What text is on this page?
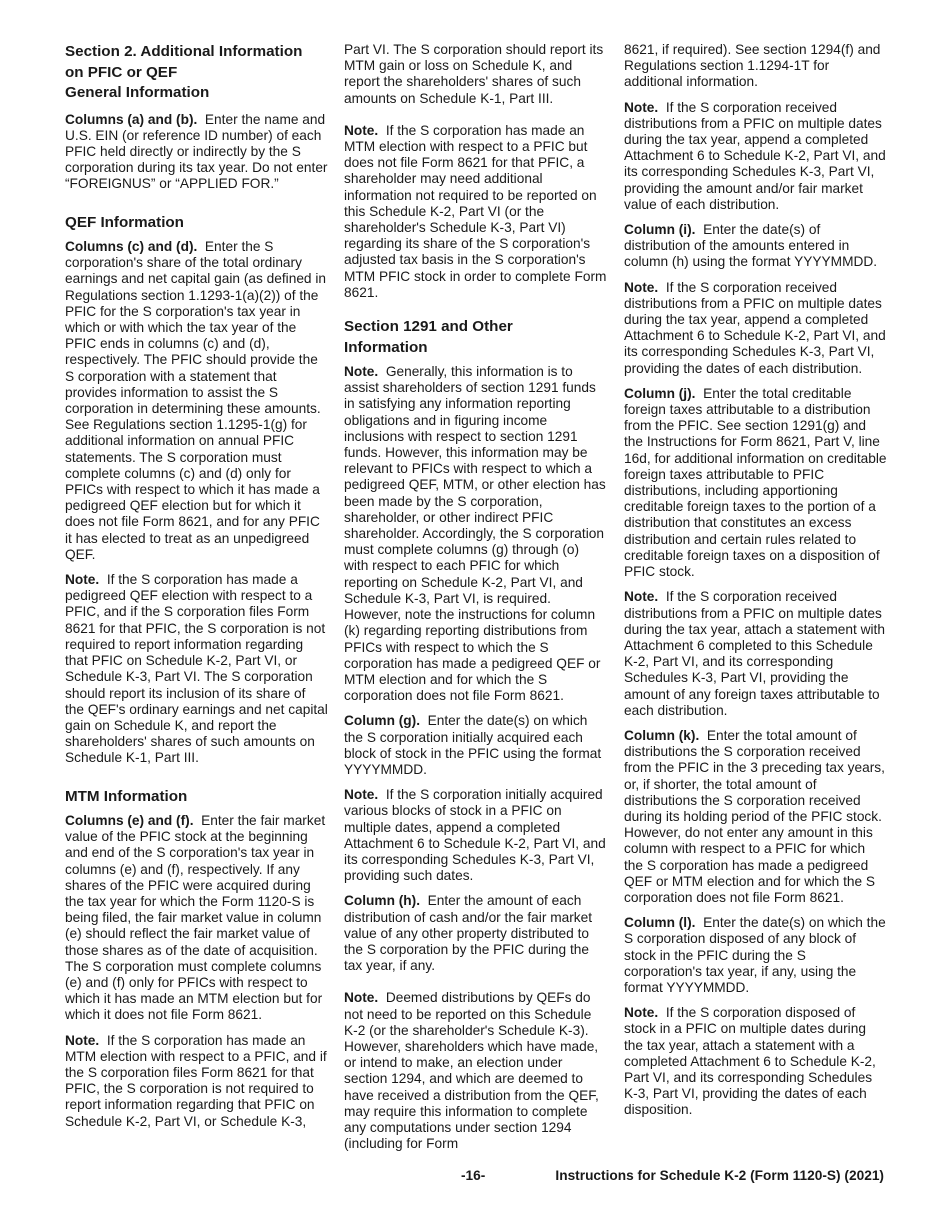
Section 2. Additional Information
on PFIC or QEF
General Information

Columns (a) and (b). Enter the name and U.S. EIN (or reference ID number) of each PFIC held directly or indirectly by the S corporation during its tax year. Do not enter “FOREIGNUS” or “APPLIED FOR.”

QEF Information

Columns (c) and (d). Enter the S corporation's share of the total ordinary earnings and net capital gain (as defined in Regulations section 1.1293-1(a)(2)) of the PFIC for the S corporation's tax year in which or with which the tax year of the PFIC ends in columns (c) and (d), respectively. The PFIC should provide the S corporation with a statement that provides information to assist the S corporation in determining these amounts. See Regulations section 1.1295-1(g) for additional information on annual PFIC statements. The S corporation must complete columns (c) and (d) only for PFICs with respect to which it has made a pedigreed QEF election but for which it does not file Form 8621, and for any PFIC it has elected to treat as an unpedigreed QEF.

Note. If the S corporation has made a pedigreed QEF election with respect to a PFIC, and if the S corporation files Form 8621 for that PFIC, the S corporation is not required to report information regarding that PFIC on Schedule K-2, Part VI, or Schedule K-3, Part VI. The S corporation should report its inclusion of its share of the QEF's ordinary earnings and net capital gain on Schedule K, and report the shareholders' shares of such amounts on Schedule K-1, Part III.

MTM Information

Columns (e) and (f). Enter the fair market value of the PFIC stock at the beginning and end of the S corporation's tax year in columns (e) and (f), respectively. If any shares of the PFIC were acquired during the tax year for which the Form 1120-S is being filed, the fair market value in column (e) should reflect the fair market value of those shares as of the date of acquisition. The S corporation must complete columns (e) and (f) only for PFICs with respect to which it has made an MTM election but for which it does not file Form 8621.

Note. If the S corporation has made an MTM election with respect to a PFIC, and if the S corporation files Form 8621 for that PFIC, the S corporation is not required to report information regarding that PFIC on Schedule K-2, Part VI, or Schedule K-3,

Part VI. The S corporation should report its MTM gain or loss on Schedule K, and report the shareholders' shares of such amounts on Schedule K-1, Part III.

Note. If the S corporation has made an MTM election with respect to a PFIC but does not file Form 8621 for that PFIC, a shareholder may need additional information not required to be reported on this Schedule K-2, Part VI (or the shareholder's Schedule K-3, Part VI) regarding its share of the S corporation's adjusted tax basis in the S corporation's MTM PFIC stock in order to complete Form 8621.

Section 1291 and Other
Information

Note. Generally, this information is to assist shareholders of section 1291 funds in satisfying any information reporting obligations and in figuring income inclusions with respect to section 1291 funds. However, this information may be relevant to PFICs with respect to which a pedigreed QEF, MTM, or other election has been made by the S corporation, shareholder, or other indirect PFIC shareholder. Accordingly, the S corporation must complete columns (g) through (o) with respect to each PFIC for which reporting on Schedule K-2, Part VI, and Schedule K-3, Part VI, is required. However, note the instructions for column (k) regarding reporting distributions from PFICs with respect to which the S corporation has made a pedigreed QEF or MTM election and for which the S corporation does not file Form 8621.

Column (g). Enter the date(s) on which the S corporation initially acquired each block of stock in the PFIC using the format YYYYMMDD.

Note. If the S corporation initially acquired various blocks of stock in a PFIC on multiple dates, append a completed Attachment 6 to Schedule K-2, Part VI, and its corresponding Schedules K-3, Part VI, providing such dates.

Column (h). Enter the amount of each distribution of cash and/or the fair market value of any other property distributed to the S corporation by the PFIC during the tax year, if any.

Note. Deemed distributions by QEFs do not need to be reported on this Schedule K-2 (or the shareholder's Schedule K-3). However, shareholders which have made, or intend to make, an election under section 1294, and which are deemed to have received a distribution from the QEF, may require this information to complete any computations under section 1294 (including for Form

8621, if required). See section 1294(f) and Regulations section 1.1294-1T for additional information.

Note. If the S corporation received distributions from a PFIC on multiple dates during the tax year, append a completed Attachment 6 to Schedule K-2, Part VI, and its corresponding Schedules K-3, Part VI, providing the amount and/or fair market value of each distribution.

Column (i). Enter the date(s) of distribution of the amounts entered in column (h) using the format YYYYMMDD.

Note. If the S corporation received distributions from a PFIC on multiple dates during the tax year, append a completed Attachment 6 to Schedule K-2, Part VI, and its corresponding Schedules K-3, Part VI, providing the dates of each distribution.

Column (j). Enter the total creditable foreign taxes attributable to a distribution from the PFIC. See section 1291(g) and the Instructions for Form 8621, Part V, line 16d, for additional information on creditable foreign taxes attributable to PFIC distributions, including apportioning creditable foreign taxes to the portion of a distribution that constitutes an excess distribution and certain rules related to creditable foreign taxes on a disposition of PFIC stock.

Note. If the S corporation received distributions from a PFIC on multiple dates during the tax year, attach a statement with Attachment 6 completed to this Schedule K-2, Part VI, and its corresponding Schedules K-3, Part VI, providing the amount of any foreign taxes attributable to each distribution.

Column (k). Enter the total amount of distributions the S corporation received from the PFIC in the 3 preceding tax years, or, if shorter, the total amount of distributions the S corporation received during its holding period of the PFIC stock. However, do not enter any amount in this column with respect to a PFIC for which the S corporation has made a pedigreed QEF or MTM election and for which the S corporation does not file Form 8621.

Column (l). Enter the date(s) on which the S corporation disposed of any block of stock in the PFIC during the S corporation's tax year, if any, using the format YYYYMMDD.

Note. If the S corporation disposed of stock in a PFIC on multiple dates during the tax year, attach a statement with a completed Attachment 6 to Schedule K-2, Part VI, and its corresponding Schedules K-3, Part VI, providing the dates of each disposition.

-16-	Instructions for Schedule K-2 (Form 1120-S) (2021)
